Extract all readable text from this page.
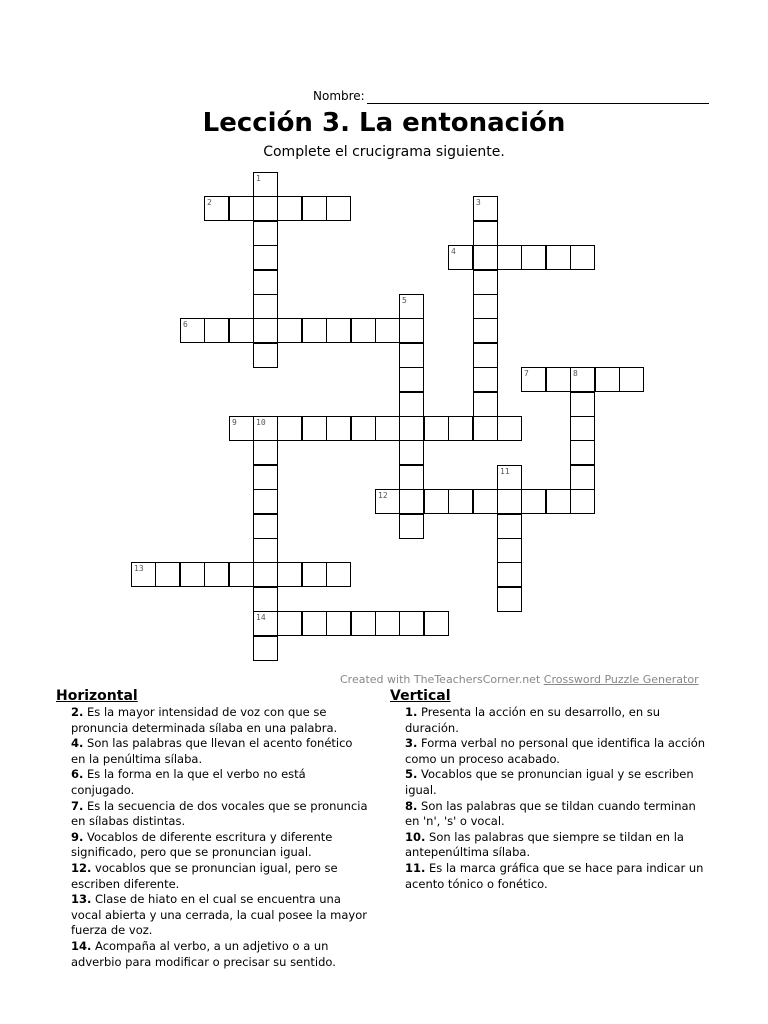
Nombre:
Lección 3. La entonación
Complete el crucigrama siguiente.
1
2	3
4
5
6
7	8
9 10
11
12
13
14
Created with TheTeachersCorner.net Crossword Puzzle Generator
Horizontal
2. Es la mayor intensidad de voz con que se pronuncia determinada sílaba en una palabra.
4. Son las palabras que llevan el acento fonético en la penúltima sílaba.
6. Es la forma en la que el verbo no está conjugado.
7. Es la secuencia de dos vocales que se pronuncia en sílabas distintas.
9. Vocablos de diferente escritura y diferente significado, pero que se pronuncian igual.
12. vocablos que se pronuncian igual, pero se escriben diferente.
13. Clase de hiato en el cual se encuentra una vocal abierta y una cerrada, la cual posee la mayor fuerza de voz.
14. Acompaña al verbo, a un adjetivo o a un adverbio para modificar o precisar su sentido.
Vertical
1. Presenta la acción en su desarrollo, en su duración.
3. Forma verbal no personal que identifica la acción como un proceso acabado.
5. Vocablos que se pronuncian igual y se escriben igual.
8. Son las palabras que se tildan cuando terminan en 'n', 's' o vocal.
10. Son las palabras que siempre se tildan en la antepenúltima sílaba.
11. Es la marca gráfica que se hace para indicar un acento tónico o fonético.
